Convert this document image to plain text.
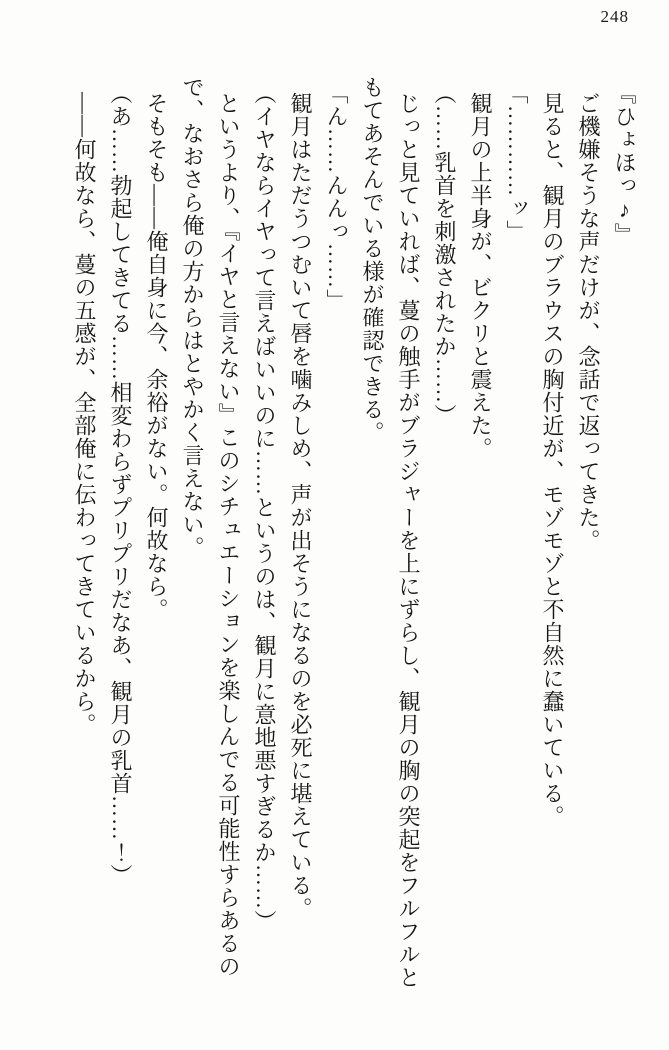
248
『ひょほっ♪』
ご機嫌そうな声だけが、念話で返ってきた。
見ると、観月のブラウスの胸付近が、モゾモゾと不自然に蠢いている。
「…………ッ」
観月の上半身が、ビクリと震えた。
（……乳首を刺激されたか……）
じっと見ていれば、蔓の触手がブラジャーを上にずらし、観月の胸の突起をフルフルと
もてあそんでいる様が確認できる。
「ん……んんっ……」
観月はただうつむいて唇を噛みしめ、声が出そうになるのを必死に堪えている。
（イヤならイヤって言えばいいのに……というのは、観月に意地悪すぎるか……）
というより、『イヤと言えない』このシチュエーションを楽しんでる可能性すらあるの
で、なおさら俺の方からはとやかく言えない。
そもそも――俺自身に今、余裕がない。何故なら。
（あ……勃起してきてる……相変わらずプリプリだなあ、観月の乳首……！）
――何故なら、蔓の五感が、全部俺に伝わってきているから。
